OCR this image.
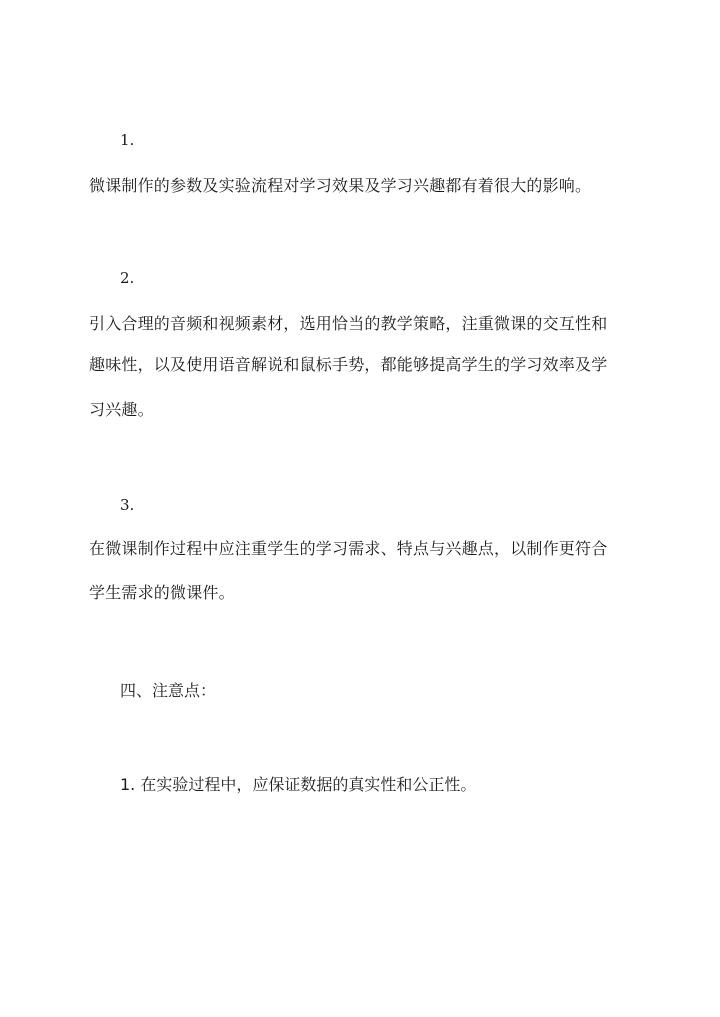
1.
微课制作的参数及实验流程对学习效果及学习兴趣都有着很大的影响。
2.
引入合理的音频和视频素材，选用恰当的教学策略，注重微课的交互性和
趣味性，以及使用语音解说和鼠标手势，都能够提高学生的学习效率及学
习兴趣。
3.
在微课制作过程中应注重学生的学习需求、特点与兴趣点，以制作更符合
学生需求的微课件。
四、注意点：
1. 在实验过程中，应保证数据的真实性和公正性。
